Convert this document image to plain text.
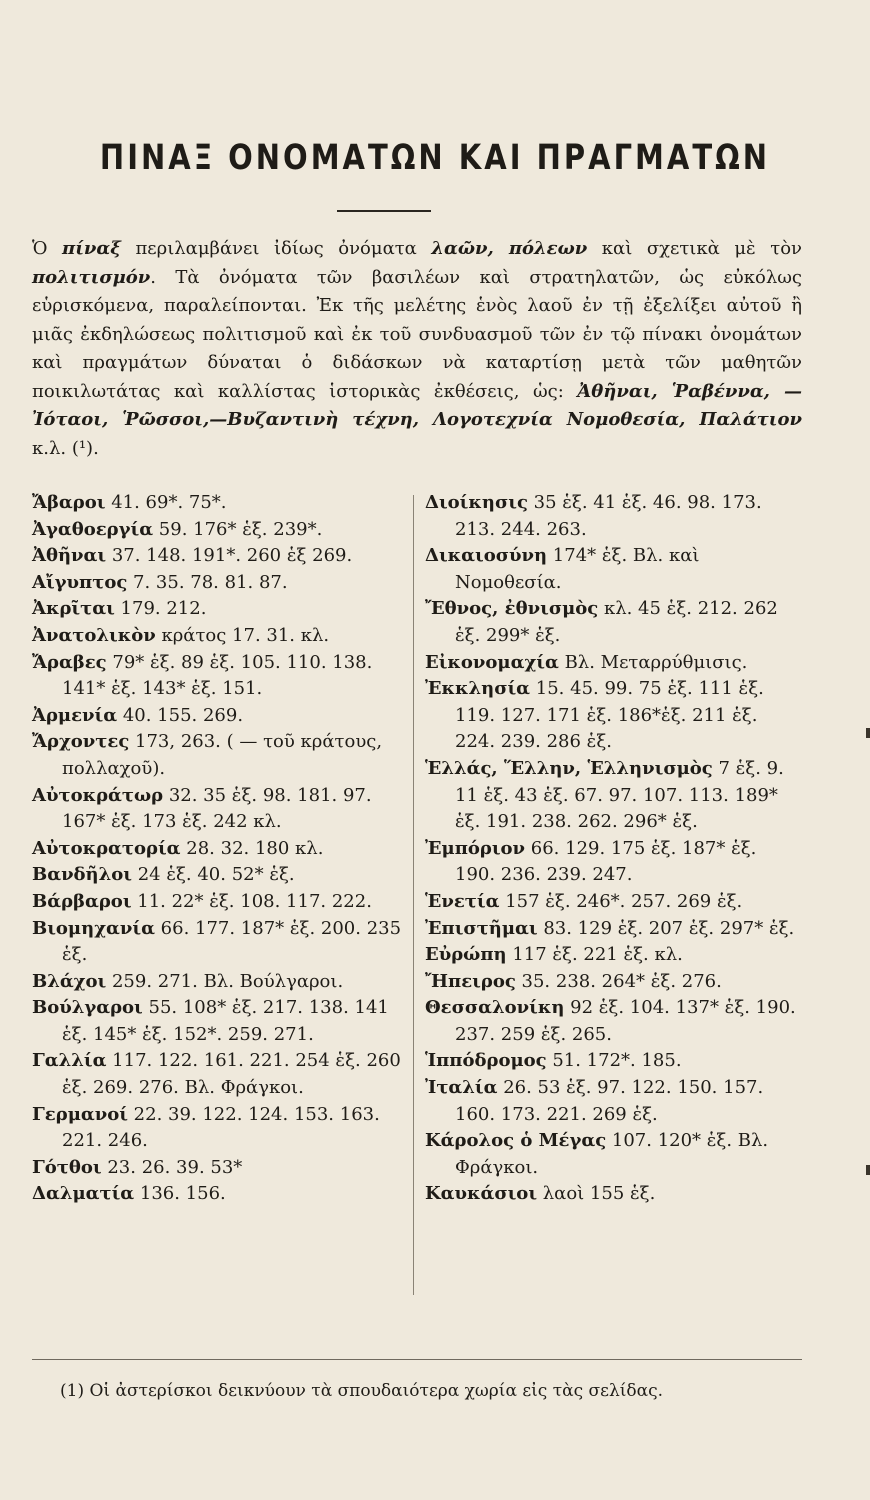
ΠΙΝΑΞ ΟΝΟΜΑΤΩΝ ΚΑΙ ΠΡΑΓΜΑΤΩΝ
Ὁ πίναξ περιλαμβάνει ἰδίως ὀνόματα λαῶν, πόλεων καὶ σχετικὰ μὲ τὸν πολιτισμόν. Τὰ ὀνόματα τῶν βασιλέων καὶ στρατηλατῶν, ὡς εὐκόλως εὑρισκόμενα, παραλείπονται. Ἐκ τῆς μελέτης ἑνὸς λαοῦ ἐν τῇ ἐξελίξει αὐτοῦ ἢ μιᾶς ἐκδηλώσεως πολιτισμοῦ καὶ ἐκ τοῦ συνδυασμοῦ τῶν ἐν τῷ πίνακι ὀνομάτων καὶ πραγμάτων δύναται ὁ διδάσκων νὰ καταρτίσῃ μετὰ τῶν μαθητῶν ποικιλωτάτας καὶ καλλίστας ἱστορικὰς ἐκθέσεις, ὡς: Ἀθῆναι, Ῥαβέννα, —Ἰόταοι, Ῥῶσσοι,—Βυζαντινὴ τέχνη, Λογοτεχνία Νομοθεσία, Παλάτιον κ.λ. (¹).
Ἄβαροι 41. 69*. 75*.
Ἀγαθοεργία 59. 176* ἑξ. 239*.
Ἀθῆναι 37. 148. 191*. 260 ἑξ 269.
Αἴγυπτος 7. 35. 78. 81. 87.
Ἀκρῖται 179. 212.
Ἀνατολικὸν κράτος 17. 31. κλ.
Ἄραβες 79* ἑξ. 89 ἑξ. 105. 110. 138. 141* ἑξ. 143* ἑξ. 151.
Ἀρμενία 40. 155. 269.
Ἄρχοντες 173, 263. ( — τοῦ κράτους, πολλαχοῦ).
Αὐτοκράτωρ 32. 35 ἑξ. 98. 181. 97. 167* ἑξ. 173 ἑξ. 242 κλ.
Αὐτοκρατορία 28. 32. 180 κλ.
Βανδῆλοι 24 ἑξ. 40. 52* ἑξ.
Βάρβαροι 11. 22* ἑξ. 108. 117. 222.
Βιομηχανία 66. 177. 187* ἑξ. 200. 235 ἑξ.
Βλάχοι 259. 271. Βλ. Βούλγαροι.
Βούλγαροι 55. 108* ἑξ. 217. 138. 141 ἑξ. 145* ἑξ. 152*. 259. 271.
Γαλλία 117. 122. 161. 221. 254 ἑξ. 260 ἑξ. 269. 276. Βλ. Φράγκοι.
Γερμανοί 22. 39. 122. 124. 153. 163. 221. 246.
Γότθοι 23. 26. 39. 53*
Δαλματία 136. 156.
Διοίκησις 35 ἑξ. 41 ἑξ. 46. 98. 173. 213. 244. 263.
Δικαιοσύνη 174* ἑξ. Βλ. καὶ Νομοθεσία.
Ἔθνος, ἐθνισμὸς κλ. 45 ἑξ. 212. 262 ἑξ. 299* ἑξ.
Εἰκονομαχία Βλ. Μεταρρύθμισις.
Ἐκκλησία 15. 45. 99. 75 ἑξ. 111 ἑξ. 119. 127. 171 ἑξ. 186*ἑξ. 211 ἑξ. 224. 239. 286 ἑξ.
Ἑλλάς, Ἕλλην, Ἑλληνισμὸς 7 ἑξ. 9. 11 ἑξ. 43 ἑξ. 67. 97. 107. 113. 189* ἑξ. 191. 238. 262. 296* ἑξ.
Ἐμπόριον 66. 129. 175 ἑξ. 187* ἑξ. 190. 236. 239. 247.
Ἑνετία 157 ἑξ. 246*. 257. 269 ἑξ.
Ἐπιστῆμαι 83. 129 ἑξ. 207 ἑξ. 297* ἑξ.
Εὐρώπη 117 ἑξ. 221 ἑξ. κλ.
Ἤπειρος 35. 238. 264* ἑξ. 276.
Θεσσαλονίκη 92 ἑξ. 104. 137* ἑξ. 190. 237. 259 ἑξ. 265.
Ἱππόδρομος 51. 172*. 185.
Ἰταλία 26. 53 ἑξ. 97. 122. 150. 157. 160. 173. 221. 269 ἑξ.
Κάρολος ὁ Μέγας 107. 120* ἑξ. Βλ. Φράγκοι.
Καυκάσιοι λαοὶ 155 ἑξ.
(1) Οἱ ἀστερίσκοι δεικνύουν τὰ σπουδαιότερα χωρία εἰς τὰς σελίδας.
